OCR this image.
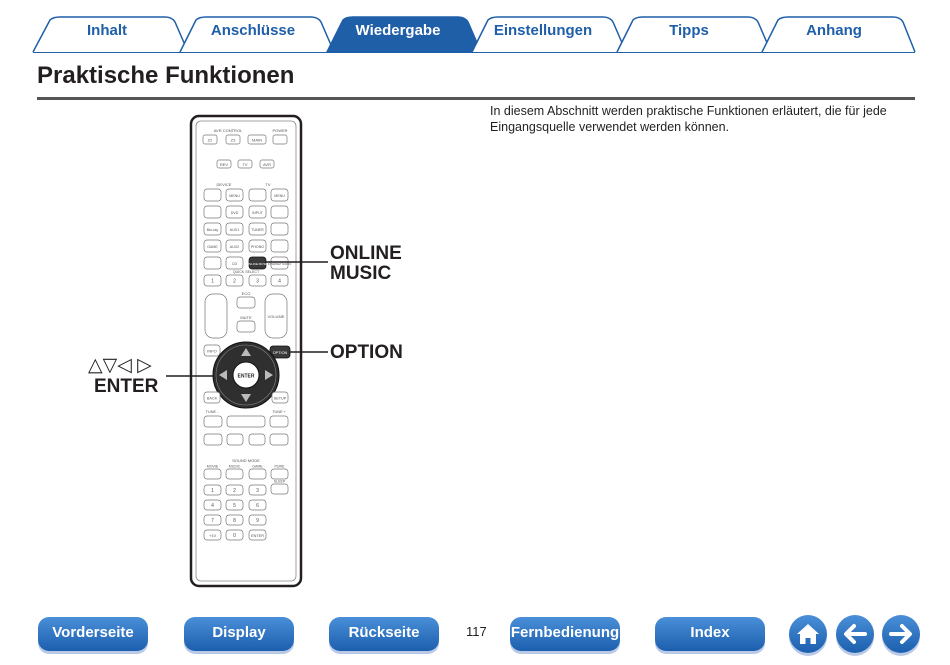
Inhalt	Anschlüsse	Wiedergabe	Einstellungen	Tipps	Anhang
Praktische Funktionen
In diesem Abschnitt werden praktische Funktionen erläutert, die für jede Eingangsquelle verwendet werden können.
AVR CONTROL	POWER
Z2	Z3	MAIN
REV	TV	AVR
DEVICE	TV
MENU	MENU
DVD	INPUT
Blu-ray	AUX1	TUNER
GAME	AUX2	PHONO
CD	ONLINE MUSIC INTERNET RADIO
QUICK SELECT
1	2	3	4
ECO
MUTE	VOLUME
INFO	OPTION
ENTER
BACK	SETUP
TUNE -	TUNE +
SOUND MODE
MOVIE	MUSIC	GAME	PURE
SLEEP
1	2	3
4	5	6
7	8	9
+10	0	ENTER
ONLINE
MUSIC
OPTION
△▽◁ ▷
ENTER
Vorderseite	Display	Rückseite	117 Fernbedienung	Index
